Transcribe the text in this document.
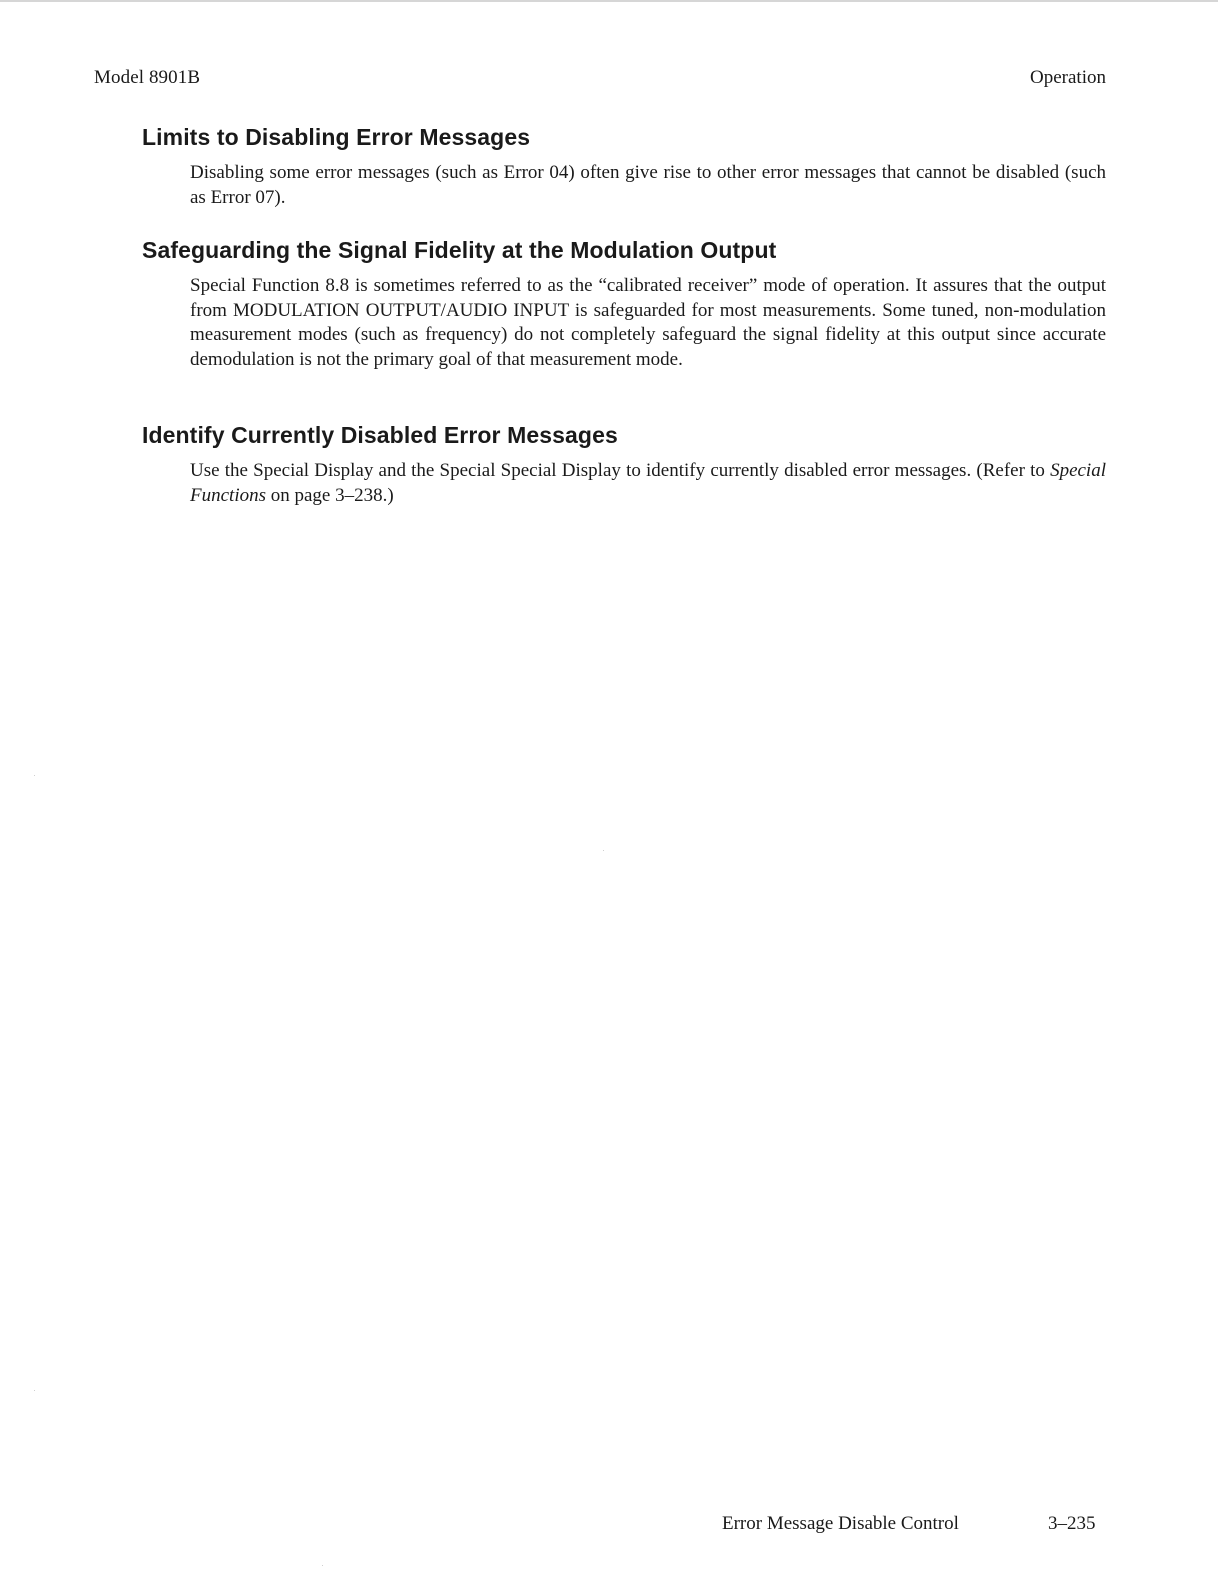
Model 8901B	Operation
Limits to Disabling Error Messages

Disabling some error messages (such as Error 04) often give rise to other error messages that cannot be disabled (such as Error 07).

Safeguarding the Signal Fidelity at the Modulation Output

Special Function 8.8 is sometimes referred to as the “calibrated receiver” mode of operation. It assures that the output from MODULATION OUTPUT/AUDIO INPUT is safeguarded for most measurements. Some tuned, non-modulation measurement modes (such as frequency) do not completely safeguard the signal fidelity at this output since accurate demodulation is not the primary goal of that measurement mode.

Identify Currently Disabled Error Messages

Use the Special Display and the Special Special Display to identify currently disabled error messages. (Refer to Special Functions on page 3–238.)

Error Message Disable Control	3–235
